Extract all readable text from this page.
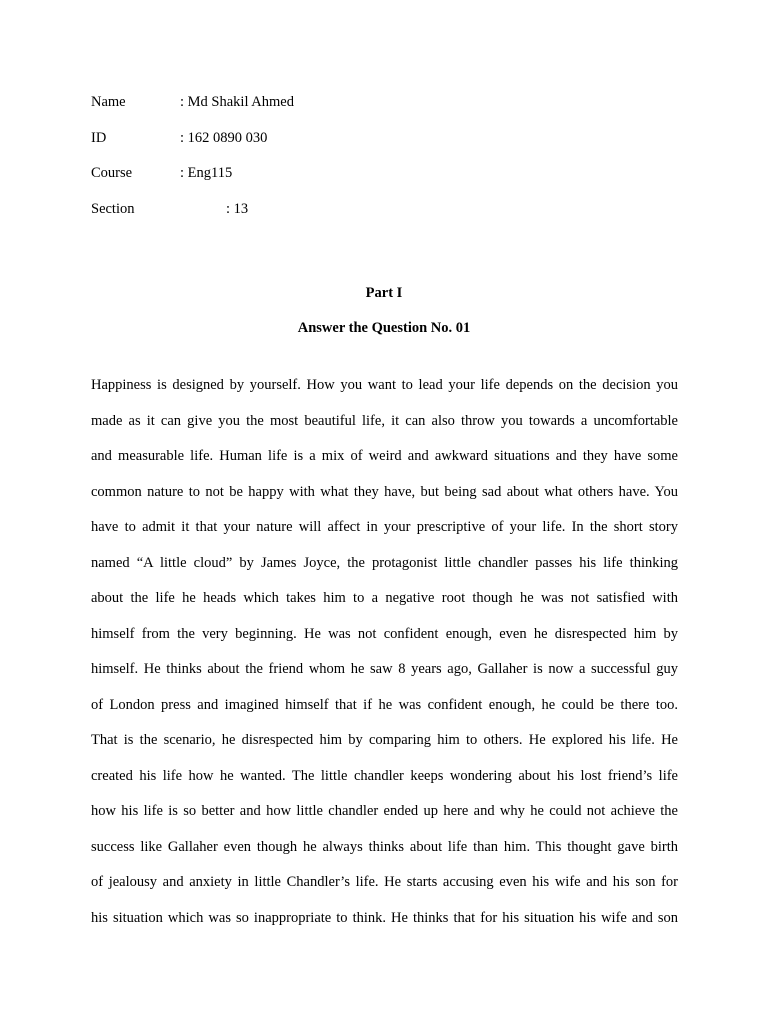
Name	: Md Shakil Ahmed
ID	: 162 0890 030
Course	: Eng115
Section	: 13
Part I
Answer the Question No. 01
Happiness is designed by yourself. How you want to lead your life depends on the decision you
made as it can give you the most beautiful life, it can also throw you towards a uncomfortable
and measurable life. Human life is a mix of weird and awkward situations and they have some
common nature to not be happy with what they have, but being sad about what others have. You
have to admit it that your nature will affect in your prescriptive of your life. In the short story
named “A little cloud” by James Joyce, the protagonist little chandler passes his life thinking
about the life he heads which takes him to a negative root though he was not satisfied with
himself from the very beginning. He was not confident enough, even he disrespected him by
himself. He thinks about the friend whom he saw 8 years ago, Gallaher is now a successful guy
of London press and imagined himself that if he was confident enough, he could be there too.
That is the scenario, he disrespected him by comparing him to others. He explored his life. He
created his life how he wanted. The little chandler keeps wondering about his lost friend’s life
how his life is so better and how little chandler ended up here and why he could not achieve the
success like Gallaher even though he always thinks about life than him. This thought gave birth
of jealousy and anxiety in little Chandler’s life. He starts accusing even his wife and his son for
his situation which was so inappropriate to think. He thinks that for his situation his wife and son
